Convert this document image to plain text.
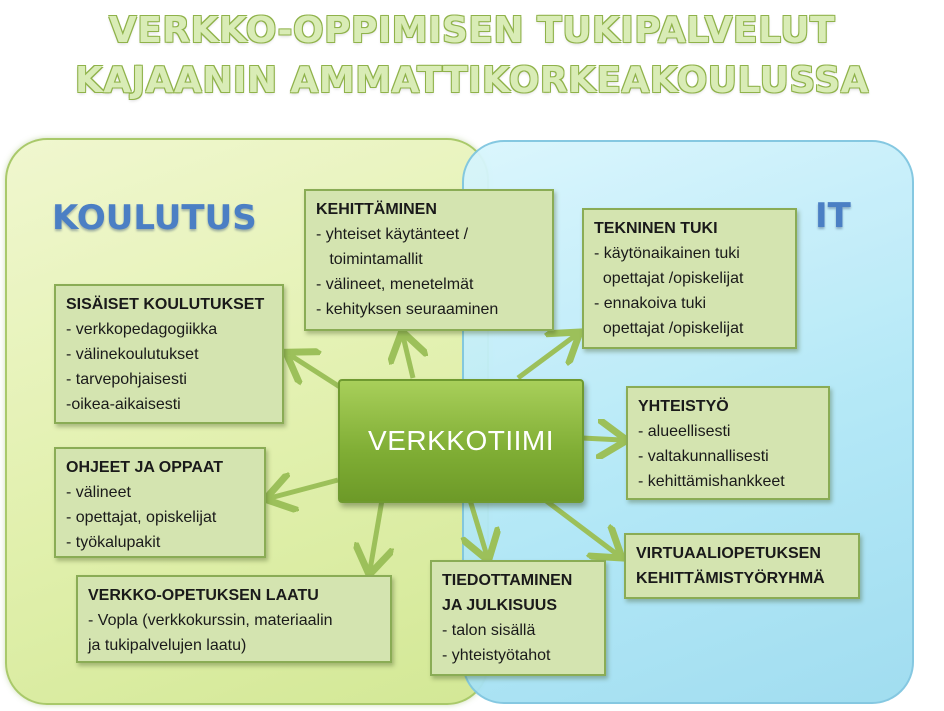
VERKKO-OPPIMISEN TUKIPALVELUT
KAJAANIN AMMATTIKORKEAKOULUSSA
KOULUTUS	IT
KEHITTÄMINEN
- yhteiset käytänteet /
toimintamallit
- välineet, menetelmät
- kehityksen seuraaminen
TEKNINEN TUKI
- käytönaikainen tuki
opettajat /opiskelijat
- ennakoiva tuki
opettajat /opiskelijat
SISÄISET KOULUTUKSET
- verkkopedagogiikka
- välinekoulutukset
- tarvepohjaisesti
-oikea-aikaisesti	YHTEISTYÖ
- alueellisesti
- valtakunnallisesti
- kehittämishankkeet
OHJEET JA OPPAAT
- välineet
- opettajat, opiskelijat
- työkalupakit
VIRTUAALIOPETUKSEN
KEHITTÄMISTYÖRYHMÄ
VERKKO-OPETUKSEN LAATU
- Vopla (verkkokurssin, materiaalin
ja tukipalvelujen laatu)
TIEDOTTAMINEN
JA JULKISUUS
- talon sisällä
- yhteistyötahot
VERKKOTIIMI
